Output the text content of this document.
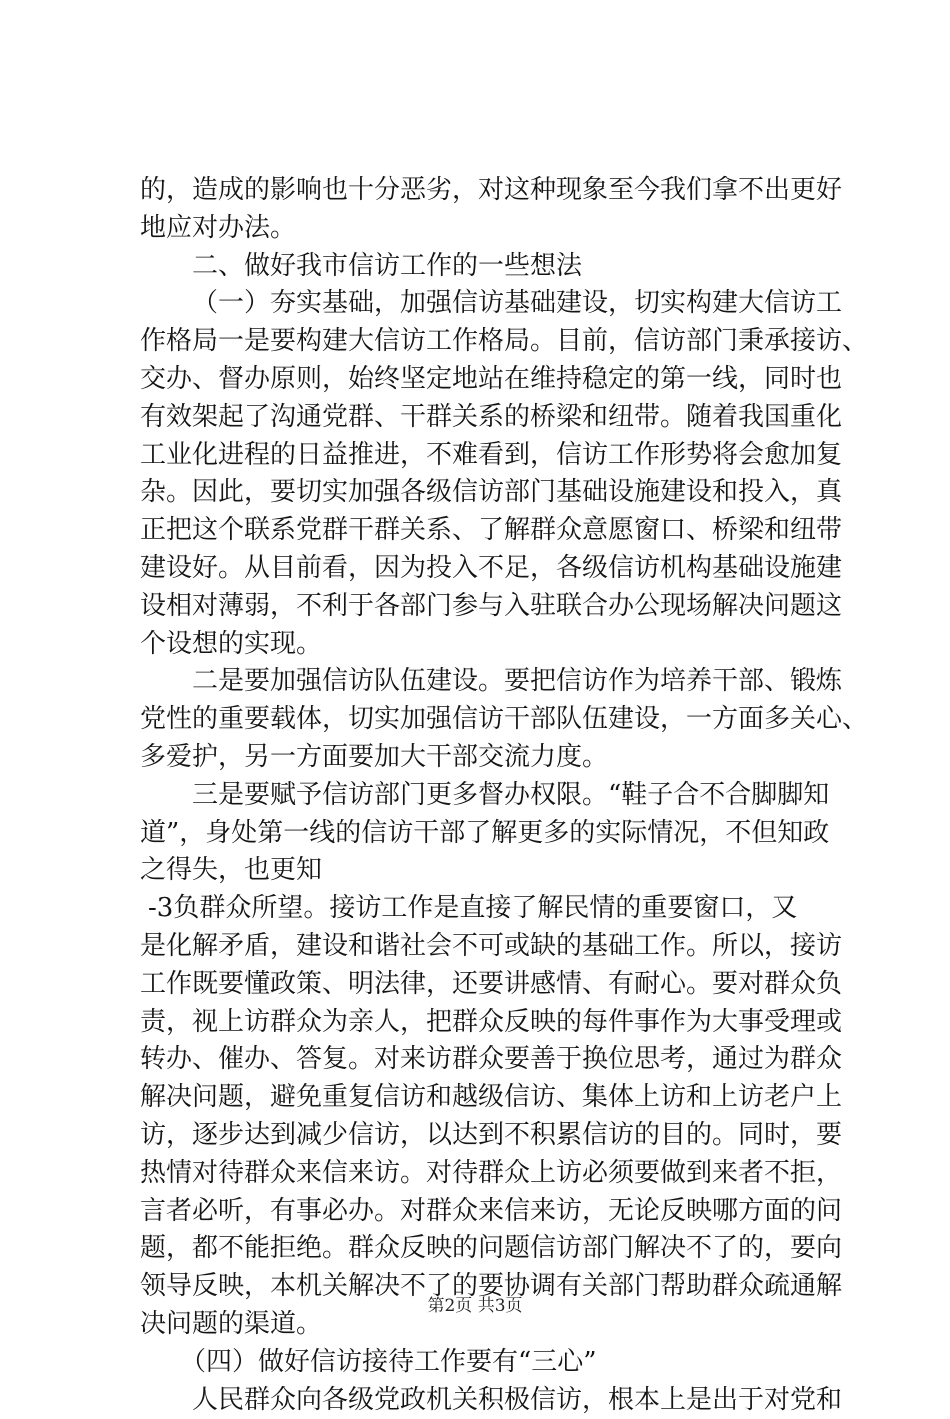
的，造成的影响也十分恶劣，对这种现象至今我们拿不出更好
地应对办法。
二、做好我市信访工作的一些想法
（一）夯实基础，加强信访基础建设，切实构建大信访工
作格局一是要构建大信访工作格局。目前，信访部门秉承接访、
交办、督办原则，始终坚定地站在维持稳定的第一线，同时也
有效架起了沟通党群、干群关系的桥梁和纽带。随着我国重化
工业化进程的日益推进，不难看到，信访工作形势将会愈加复
杂。因此，要切实加强各级信访部门基础设施建设和投入，真
正把这个联系党群干群关系、了解群众意愿窗口、桥梁和纽带
建设好。从目前看，因为投入不足，各级信访机构基础设施建
设相对薄弱，不利于各部门参与入驻联合办公现场解决问题这
个设想的实现。
二是要加强信访队伍建设。要把信访作为培养干部、锻炼
党性的重要载体，切实加强信访干部队伍建设，一方面多关心、
多爱护，另一方面要加大干部交流力度。
三是要赋予信访部门更多督办权限。“鞋子合不合脚脚知
道”，身处第一线的信访干部了解更多的实际情况，不但知政
之得失，也更知
-3负群众所望。接访工作是直接了解民情的重要窗口，又
是化解矛盾，建设和谐社会不可或缺的基础工作。所以，接访
工作既要懂政策、明法律，还要讲感情、有耐心。要对群众负
责，视上访群众为亲人，把群众反映的每件事作为大事受理或
转办、催办、答复。对来访群众要善于换位思考，通过为群众
解决问题，避免重复信访和越级信访、集体上访和上访老户上
访，逐步达到减少信访，以达到不积累信访的目的。同时，要
热情对待群众来信来访。对待群众上访必须要做到来者不拒，
言者必听，有事必办。对群众来信来访，无论反映哪方面的问
题，都不能拒绝。群众反映的问题信访部门解决不了的，要向
领导反映，本机关解决不了的要协调有关部门帮助群众疏通解
决问题的渠道。
（四）做好信访接待工作要有“三心”
人民群众向各级党政机关积极信访，根本上是出于对党和
第2页 共3页
